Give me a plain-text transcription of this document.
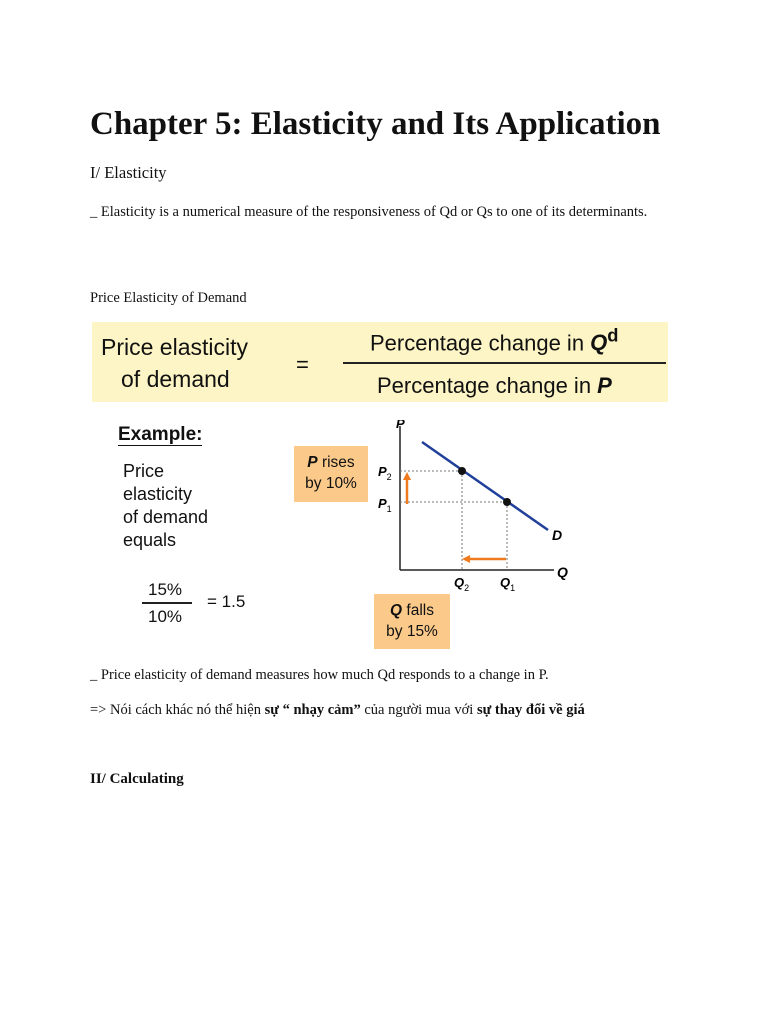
Chapter 5: Elasticity and Its Application
I/ Elasticity
_ Elasticity is a numerical measure of the responsiveness of Qd or Qs to one of its determinants.
Price Elasticity of Demand
Price elasticity
of demand
=
Percentage change in $Q^d$
Percentage change in P
Example:
Price
elasticity
of demand
equals
15%
10%
= 1.5
P rises
by 10%
Q falls
by 15%
P
Q
D
$P_2$
$P_1$
$Q_2$ $Q_1$
_ Price elasticity of demand measures how much Qd responds to a change in P.
=> Nói cách khác nó thể hiện sự “ nhạy cảm” của người mua với sự thay đổi về giá
II/ Calculating
